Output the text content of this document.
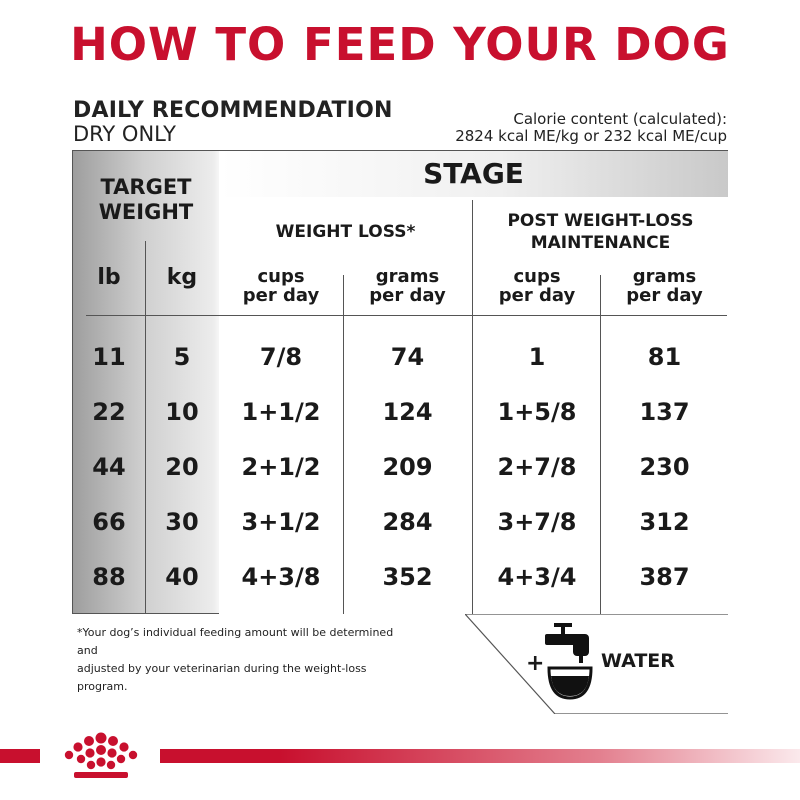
HOW TO FEED YOUR DOG
DAILY RECOMMENDATION
DRY ONLY
Calorie content (calculated):
2824 kcal ME/kg or 232 kcal ME/cup
STAGE
TARGET
WEIGHT
lb	kg
WEIGHT LOSS*
POST WEIGHT-LOSS
MAINTENANCE
cups
per day
grams
per day
cups
per day
grams
per day
11	5	7/8	74	1	81
22	10	1+1/2	124	1+5/8	137
44	20	2+1/2	209	2+7/8	230
66	30	3+1/2	284	3+7/8	312
88	40	4+3/8	352	4+3/4	387
*Your dog’s individual feeding amount will be determined and
adjusted by your veterinarian during the weight-loss program.
+	WATER
